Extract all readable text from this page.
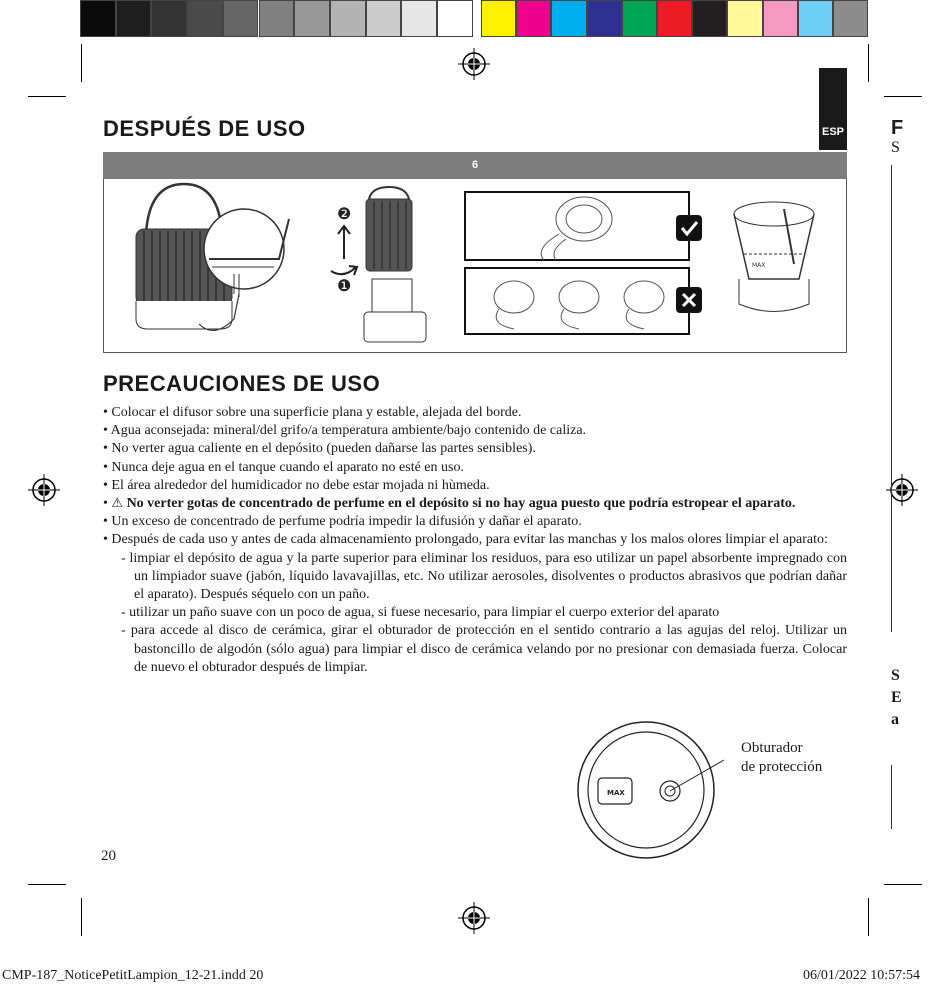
ESP
DESPUÉS DE USO
6
❷
❶
MAX
PRECAUCIONES DE USO

• Colocar el difusor sobre una superficie plana y estable, alejada del borde.

• Agua aconsejada: mineral/del grifo/a temperatura ambiente/bajo contenido de caliza.

• No verter agua caliente en el depósito (pueden dañarse las partes sensibles).

• Nunca deje agua en el tanque cuando el aparato no esté en uso.

• El área alrededor del humidicador no debe estar mojada ni hùmeda.

• ⚠ No verter gotas de concentrado de perfume en el depósito si no hay agua puesto que podría estropear el aparato.

• Un exceso de concentrado de perfume podría impedir la difusión y dañar el aparato.

• Después de cada uso y antes de cada almacenamiento prolongado, para evitar las manchas y los malos olores limpiar el aparato:

- limpiar el depósito de agua y la parte superior para eliminar los residuos, para eso utilizar un papel absorbente impregnado con un limpiador suave (jabón, líquido lavavajillas, etc. No utilizar aerosoles, disolventes o productos abrasivos que podrían dañar el aparato). Después séquelo con un paño.

- utilizar un paño suave con un poco de agua, si fuese necesario, para limpiar el cuerpo exterior del aparato

- para accede al disco de cerámica, girar el obturador de protección en el sentido contrario a las agujas del reloj. Utilizar un bastoncillo de algodón (sólo agua) para limpiar el disco de cerámica velando por no presionar con demasiada fuerza. Colocar de nuevo el obturador después de limpiar.

MAX
Obturador
de protección
20
F
S
S
E
a
CMP-187_NoticePetitLampion_12-21.indd 20	06/01/2022 10:57:54
